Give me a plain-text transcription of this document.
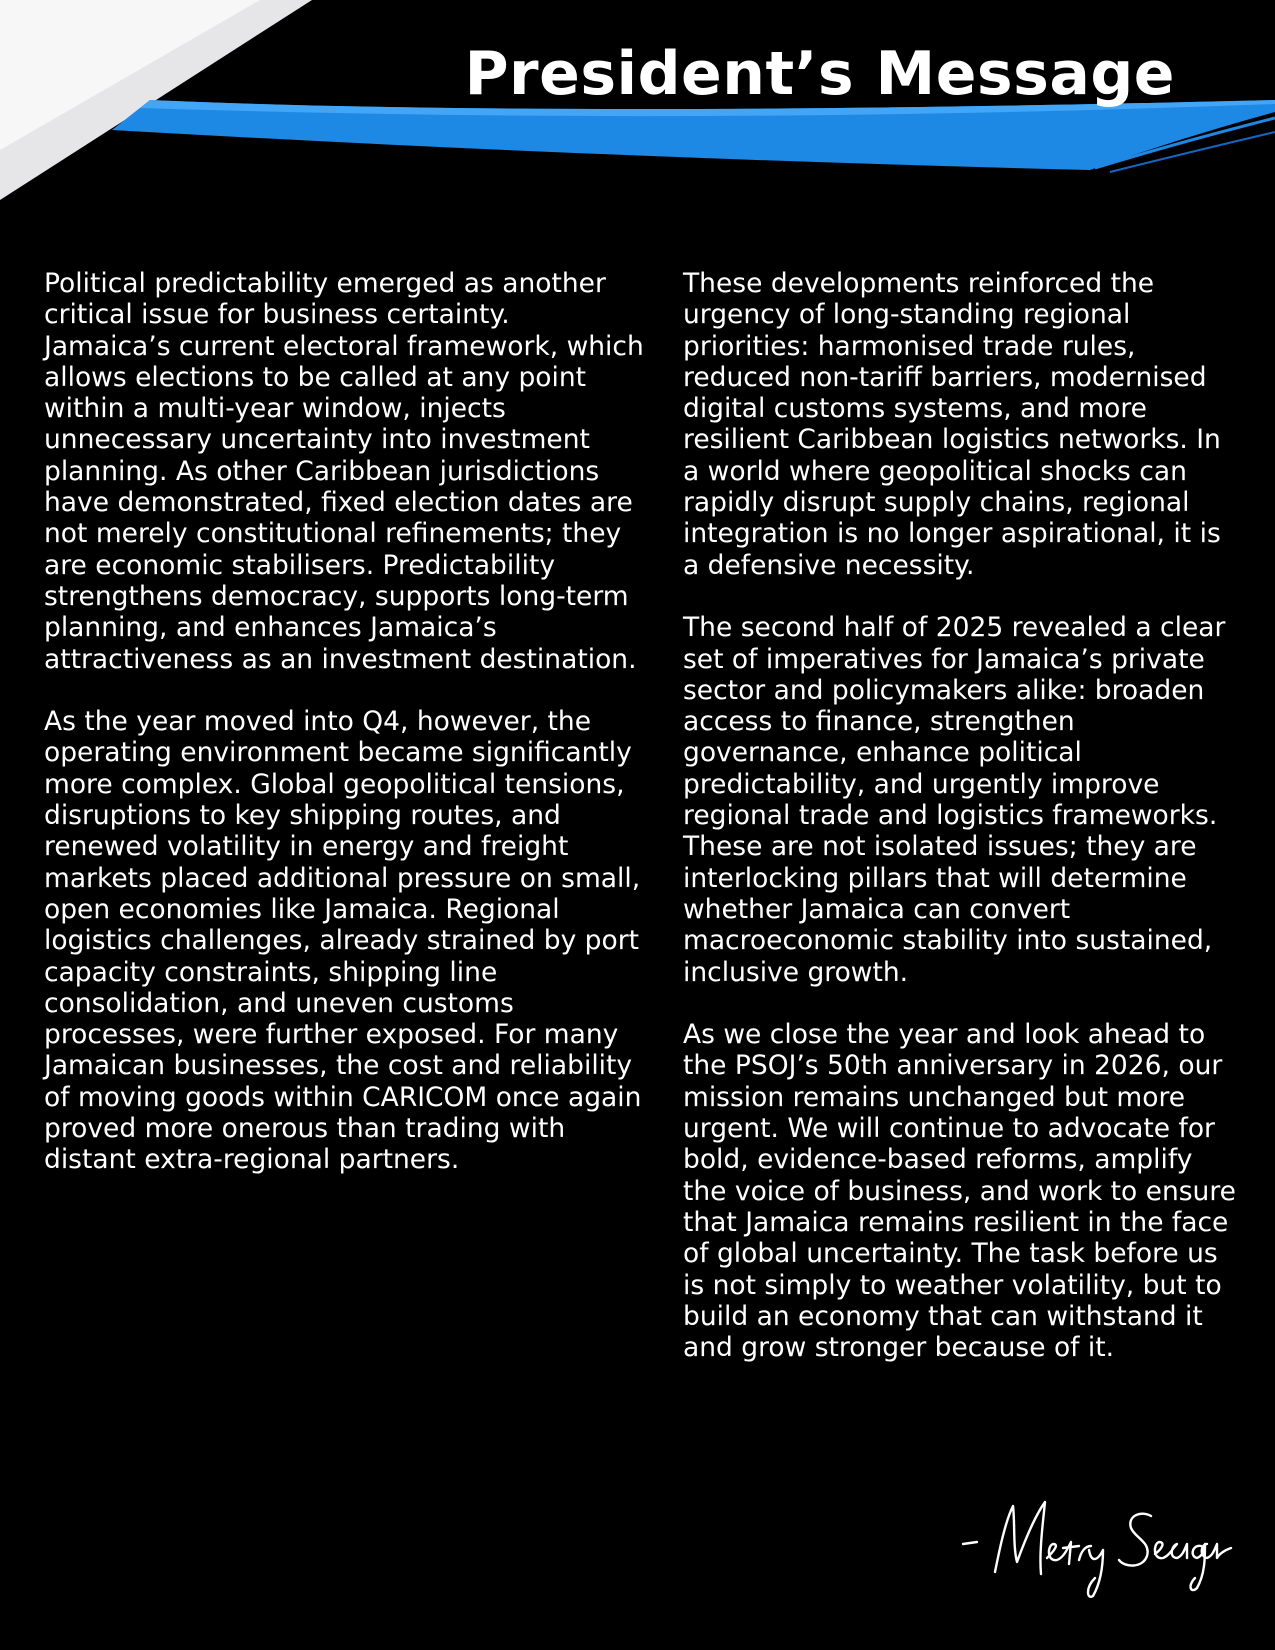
President’s Message

Political predictability emerged as another critical issue for business certainty. Jamaica’s current electoral framework, which allows elections to be called at any point within a multi-year window, injects unnecessary uncertainty into investment planning. As other Caribbean jurisdictions have demonstrated, fixed election dates are not merely constitutional refinements; they are economic stabilisers. Predictability strengthens democracy, supports long-term planning, and enhances Jamaica’s attractiveness as an investment destination.

As the year moved into Q4, however, the operating environment became significantly more complex. Global geopolitical tensions, disruptions to key shipping routes, and renewed volatility in energy and freight markets placed additional pressure on small, open economies like Jamaica. Regional logistics challenges, already strained by port capacity constraints, shipping line consolidation, and uneven customs processes, were further exposed. For many Jamaican businesses, the cost and reliability of moving goods within CARICOM once again proved more onerous than trading with distant extra-regional partners.

These developments reinforced the urgency of long-standing regional priorities: harmonised trade rules, reduced non-tariff barriers, modernised digital customs systems, and more resilient Caribbean logistics networks. In a world where geopolitical shocks can rapidly disrupt supply chains, regional integration is no longer aspirational, it is a defensive necessity.

The second half of 2025 revealed a clear set of imperatives for Jamaica’s private sector and policymakers alike: broaden access to finance, strengthen governance, enhance political predictability, and urgently improve regional trade and logistics frameworks. These are not isolated issues; they are interlocking pillars that will determine whether Jamaica can convert macroeconomic stability into sustained, inclusive growth.

As we close the year and look ahead to the PSOJ’s 50th anniversary in 2026, our mission remains unchanged but more urgent. We will continue to advocate for bold, evidence-based reforms, amplify the voice of business, and work to ensure that Jamaica remains resilient in the face of global uncertainty. The task before us is not simply to weather volatility, but to build an economy that can withstand it and grow stronger because of it.
